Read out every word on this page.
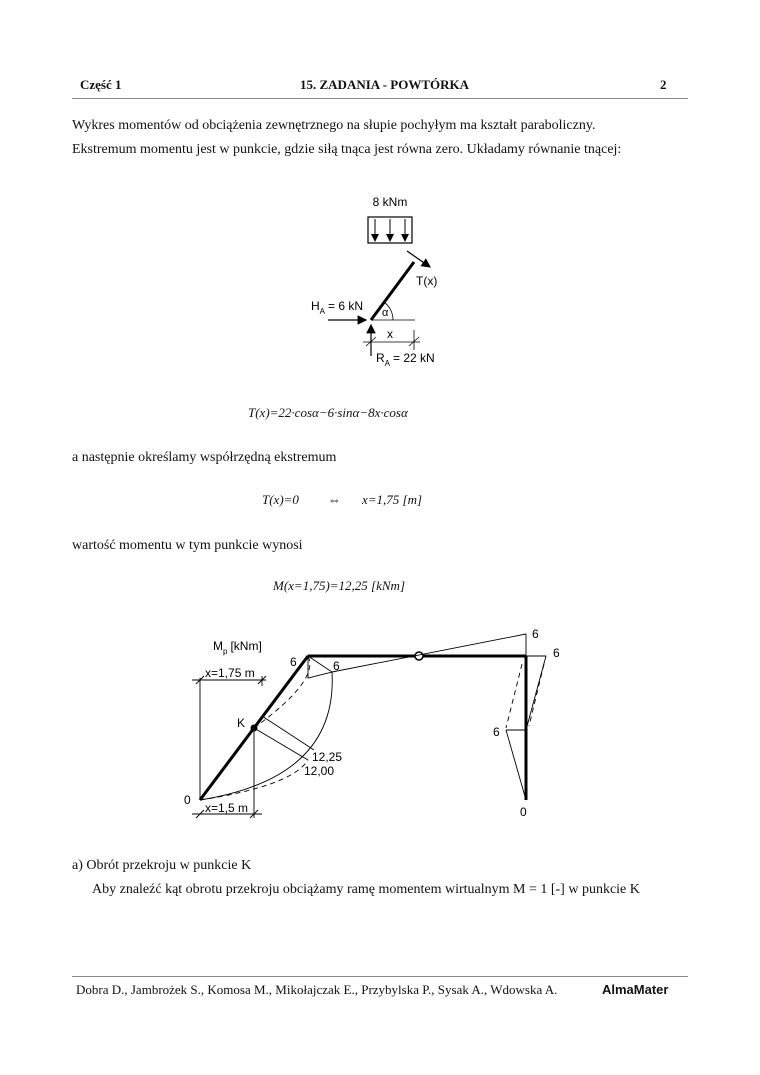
Część 1	15. ZADANIA - POWTÓRKA	2
Wykres momentów od obciążenia zewnętrznego na słupie pochyłym ma kształt paraboliczny.
Ekstremum momentu jest w punkcie, gdzie siłą tnąca jest równa zero. Układamy równanie tnącej:
8 kNm
T(x)
α
$H_A = 6$ kN
x
$R_A = 22$ kN
T(x)=22·cosα−6·sinα−8x·cosα
a następnie określamy współrzędną ekstremum
T(x)=0 ⇔ x=1,75 [m]
wartość momentu w tym punkcie wynosi
M(x=1,75)=12,25 [kNm]
$M_p$ [kNm]
x=1,75 m
x=1,5 m
K
12,25
12,00
0
0
6	6
6
6
6
a) Obrót przekroju w punkcie K
Aby znaleźć kąt obrotu przekroju obciążamy ramę momentem wirtualnym M = 1 [-] w punkcie K
Dobra D., Jambrożek S., Komosa M., Mikołajczak E., Przybylska P., Sysak A., Wdowska A.	AlmaMater
